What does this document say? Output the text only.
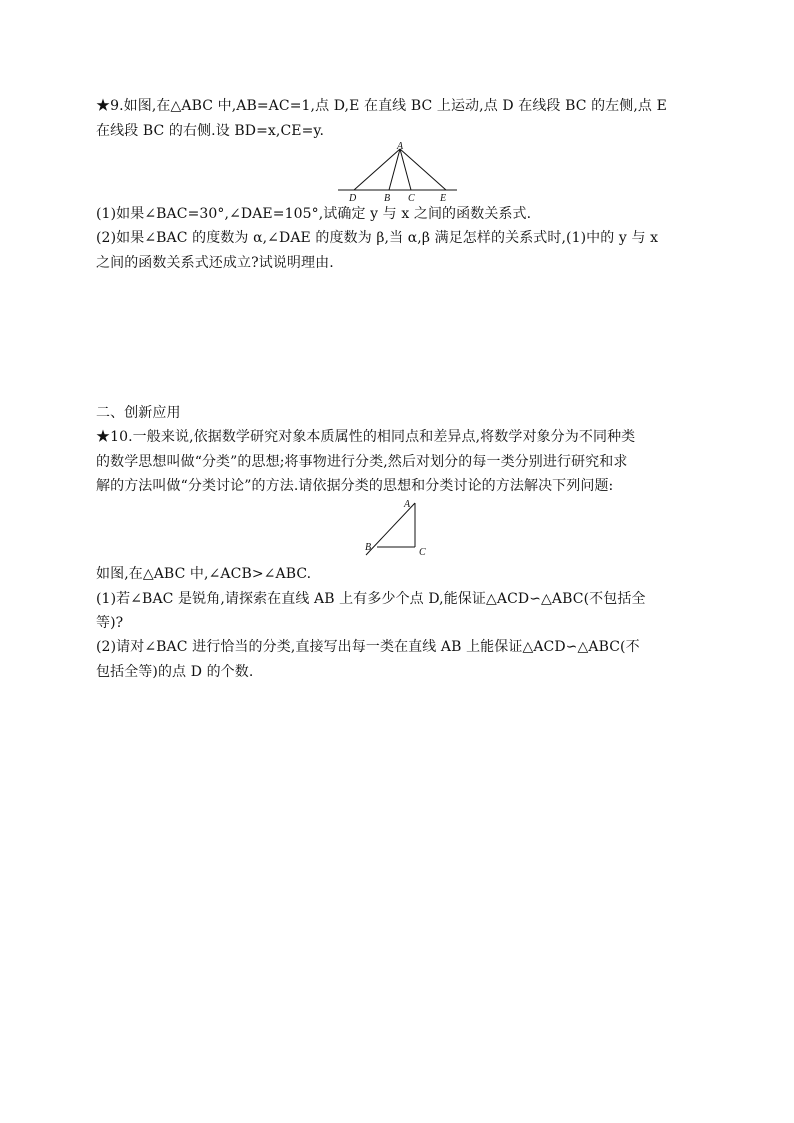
★9.如图,在△ABC 中,AB=AC=1,点 D,E 在直线 BC 上运动,点 D 在线段 BC 的左侧,点 E
在线段 BC 的右侧.设 BD=x,CE=y.
A
D	B C	E
(1)如果∠BAC=30°,∠DAE=105°,试确定 y 与 x 之间的函数关系式.
(2)如果∠BAC 的度数为 α,∠DAE 的度数为 β,当 α,β 满足怎样的关系式时,(1)中的 y 与 x
之间的函数关系式还成立?试说明理由.
二、创新应用
★10.一般来说,依据数学研究对象本质属性的相同点和差异点,将数学对象分为不同种类
的数学思想叫做“分类”的思想;将事物进行分类,然后对划分的每一类分别进行研究和求
解的方法叫做“分类讨论”的方法.请依据分类的思想和分类讨论的方法解决下列问题:
A
B	C
如图,在△ABC 中,∠ACB>∠ABC.
(1)若∠BAC 是锐角,请探索在直线 AB 上有多少个点 D,能保证△ACD∽△ABC(不包括全
等)?
(2)请对∠BAC 进行恰当的分类,直接写出每一类在直线 AB 上能保证△ACD∽△ABC(不
包括全等)的点 D 的个数.
